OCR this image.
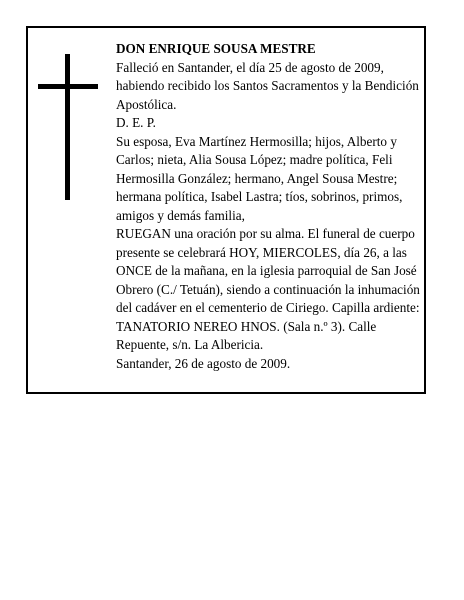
DON ENRIQUE SOUSA MESTRE

Falleció en Santander, el día 25 de agosto de 2009, habiendo recibido los Santos Sacramentos y la Bendición Apostólica.

D. E. P.

Su esposa, Eva Martínez Hermosilla; hijos, Alberto y Carlos; nieta, Alia Sousa López; madre política, Feli Hermosilla González; hermano, Angel Sousa Mestre; hermana política, Isabel Lastra; tíos, sobrinos, primos, amigos y demás familia,

RUEGAN una oración por su alma. El funeral de cuerpo presente se celebrará HOY, MIERCOLES, día 26, a las ONCE de la mañana, en la iglesia parroquial de San José Obrero (C./ Tetuán), siendo a continuación la inhumación del cadáver en el cementerio de Ciriego. Capilla ardiente: TANATORIO NEREO HNOS. (Sala n.º 3). Calle Repuente, s/n. La Albericia.

Santander, 26 de agosto de 2009.
